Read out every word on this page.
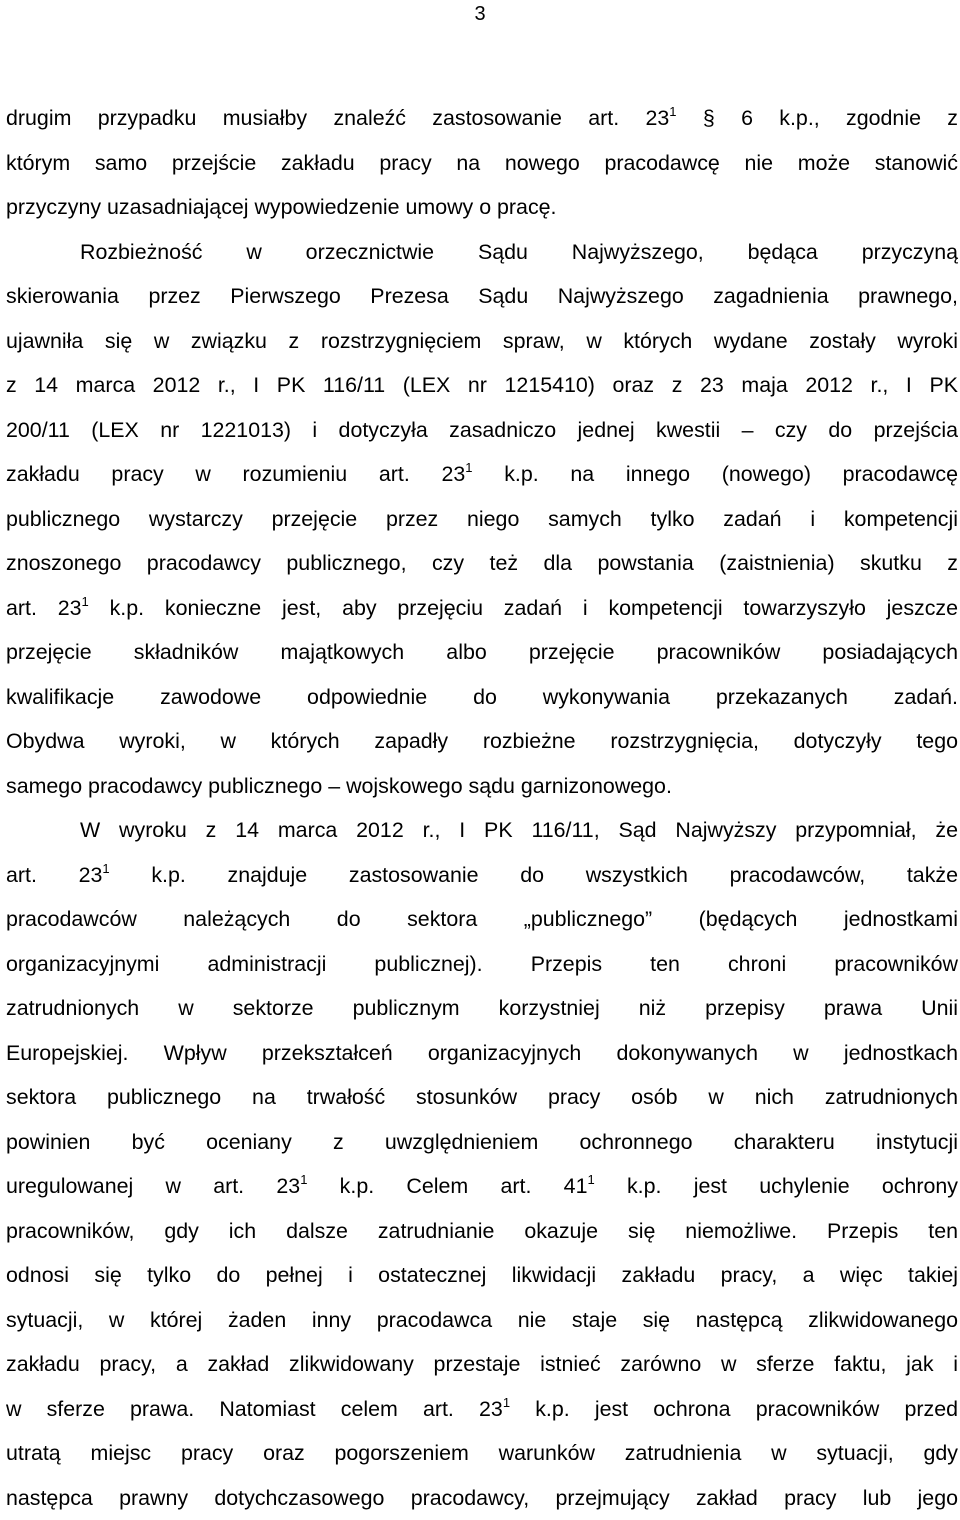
3
drugim przypadku musiałby znaleźć zastosowanie art. $23^1$ § 6 k.p., zgodnie z
którym samo przejście zakładu pracy na nowego pracodawcę nie może stanowić
przyczyny uzasadniającej wypowiedzenie umowy o pracę.
Rozbieżność w orzecznictwie Sądu Najwyższego, będąca przyczyną
skierowania przez Pierwszego Prezesa Sądu Najwyższego zagadnienia prawnego,
ujawniła się w związku z rozstrzygnięciem spraw, w których wydane zostały wyroki
z 14 marca 2012 r., I PK 116/11 (LEX nr 1215410) oraz z 23 maja 2012 r., I PK
200/11 (LEX nr 1221013) i dotyczyła zasadniczo jednej kwestii – czy do przejścia
zakładu pracy w rozumieniu art. $23^1$ k.p. na innego (nowego) pracodawcę
publicznego wystarczy przejęcie przez niego samych tylko zadań i kompetencji
znoszonego pracodawcy publicznego, czy też dla powstania (zaistnienia) skutku z
art. $23^1$ k.p. konieczne jest, aby przejęciu zadań i kompetencji towarzyszyło jeszcze
przejęcie składników majątkowych albo przejęcie pracowników posiadających
kwalifikacje zawodowe odpowiednie do wykonywania przekazanych zadań.
Obydwa wyroki, w których zapadły rozbieżne rozstrzygnięcia, dotyczyły tego
samego pracodawcy publicznego – wojskowego sądu garnizonowego.
W wyroku z 14 marca 2012 r., I PK 116/11, Sąd Najwyższy przypomniał, że
art. $23^1$ k.p. znajduje zastosowanie do wszystkich pracodawców, także
pracodawców należących do sektora „publicznego” (będących jednostkami
organizacyjnymi administracji publicznej). Przepis ten chroni pracowników
zatrudnionych w sektorze publicznym korzystniej niż przepisy prawa Unii
Europejskiej. Wpływ przekształceń organizacyjnych dokonywanych w jednostkach
sektora publicznego na trwałość stosunków pracy osób w nich zatrudnionych
powinien być oceniany z uwzględnieniem ochronnego charakteru instytucji
uregulowanej w art. $23^1$ k.p. Celem art. $41^1$ k.p. jest uchylenie ochrony
pracowników, gdy ich dalsze zatrudnianie okazuje się niemożliwe. Przepis ten
odnosi się tylko do pełnej i ostatecznej likwidacji zakładu pracy, a więc takiej
sytuacji, w której żaden inny pracodawca nie staje się następcą zlikwidowanego
zakładu pracy, a zakład zlikwidowany przestaje istnieć zarówno w sferze faktu, jak i
w sferze prawa. Natomiast celem art. $23^1$ k.p. jest ochrona pracowników przed
utratą miejsc pracy oraz pogorszeniem warunków zatrudnienia w sytuacji, gdy
następca prawny dotychczasowego pracodawcy, przejmujący zakład pracy lub jego
